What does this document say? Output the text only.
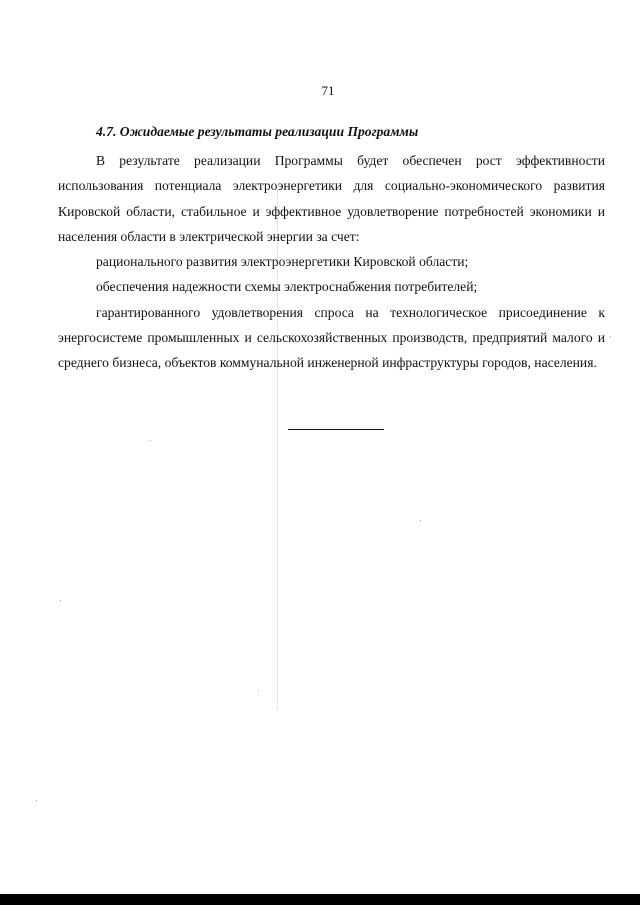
71
4.7. Ожидаемые результаты реализации Программы

В результате реализации Программы будет обеспечен рост эффективности использования потенциала электроэнергетики для социально-экономического развития Кировской области, стабильное и эффективное удовлетворение потребностей экономики и населения области в электрической энергии за счет:

рационального развития электроэнергетики Кировской области;

обеспечения надежности схемы электроснабжения потребителей;

гарантированного удовлетворения спроса на технологическое присоединение к энергосистеме промышленных и сельскохозяйственных производств, предприятий малого и среднего бизнеса, объектов коммунальной инженерной инфраструктуры городов, населения.
